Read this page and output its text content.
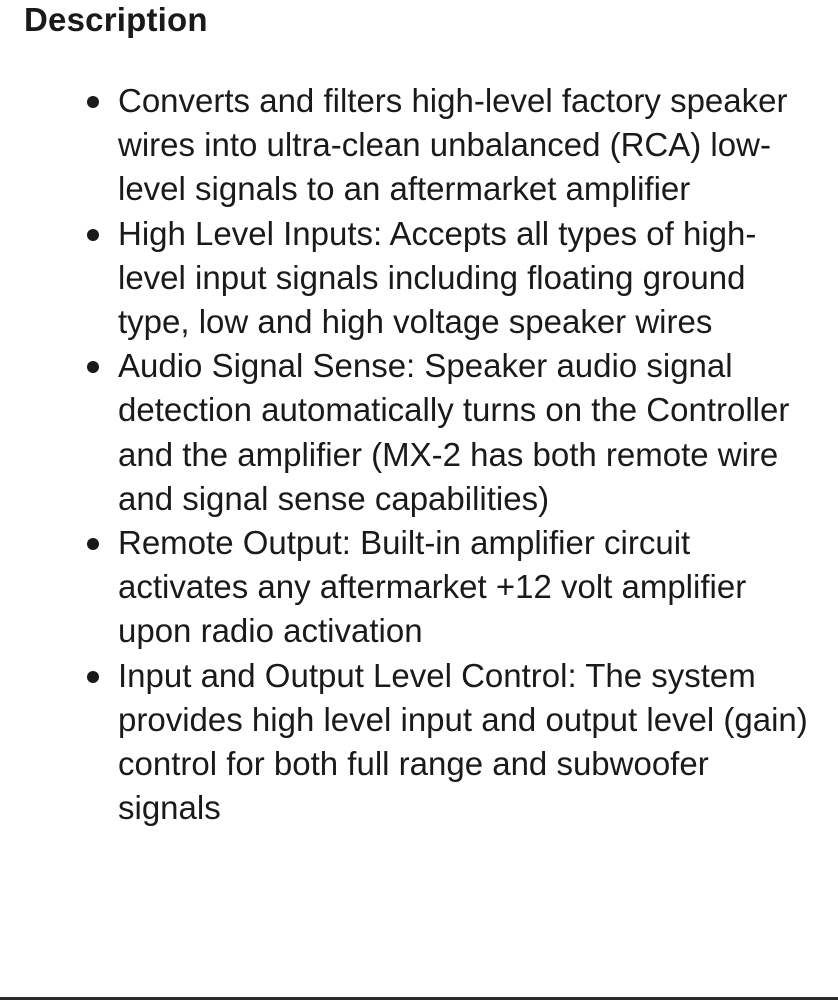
Description
Converts and filters high-level factory speaker wires into ultra-clean unbalanced (RCA) low-level signals to an aftermarket amplifier
High Level Inputs: Accepts all types of high-level input signals including floating ground type, low and high voltage speaker wires
Audio Signal Sense: Speaker audio signal detection automatically turns on the Controller and the amplifier (MX-2 has both remote wire and signal sense capabilities)
Remote Output: Built-in amplifier circuit activates any aftermarket +12 volt amplifier upon radio activation
Input and Output Level Control: The system provides high level input and output level (gain) control for both full range and subwoofer signals
